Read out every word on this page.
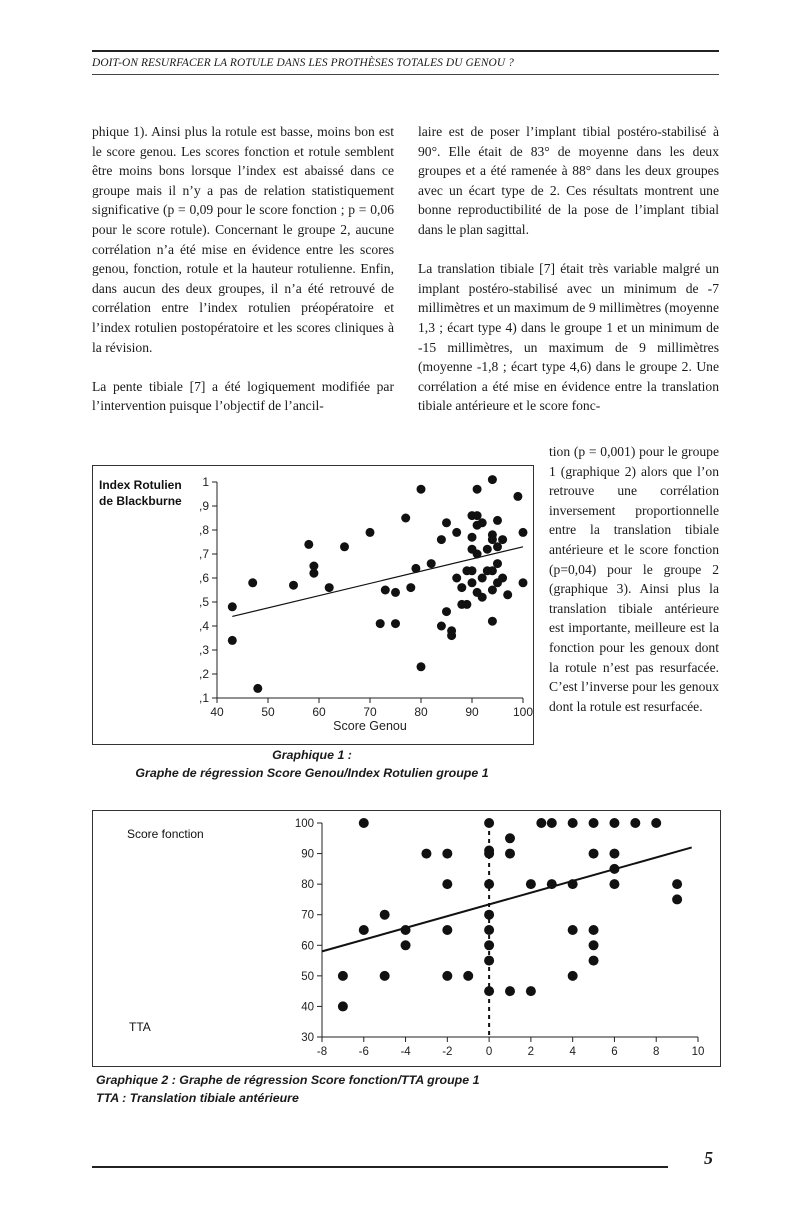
DOIT-ON RESURFACER LA ROTULE DANS LES PROTHÈSES TOTALES DU GENOU ?

phique 1). Ainsi plus la rotule est basse, moins bon est le score genou. Les scores fonction et rotule semblent être moins bons lorsque l’index est abaissé dans ce groupe mais il n’y a pas de relation statistiquement significative (p = 0,09 pour le score fonction ; p = 0,06 pour le score rotule). Concernant le groupe 2, aucune corrélation n’a été mise en évidence entre les scores genou, fonction, rotule et la hauteur rotulienne. Enfin, dans aucun des deux groupes, il n’a été retrouvé de corrélation entre l’index rotulien préopératoire et l’index rotulien postopératoire et les scores cliniques à la révision.

La pente tibiale [7] a été logiquement modifiée par l’intervention puisque l’objectif de l’ancil-

laire est de poser l’implant tibial postéro-stabilisé à 90°. Elle était de 83° de moyenne dans les deux groupes et a été ramenée à 88° dans les deux groupes avec un écart type de 2. Ces résultats montrent une bonne reproductibilité de la pose de l’implant tibial dans le plan sagittal.

La translation tibiale [7] était très variable malgré un implant postéro-stabilisé avec un minimum de -7 millimètres et un maximum de 9 millimètres (moyenne 1,3 ; écart type 4) dans le groupe 1 et un minimum de -15 millimètres, un maximum de 9 millimètres (moyenne -1,8 ; écart type 4,6) dans le groupe 2. Une corrélation a été mise en évidence entre la translation tibiale antérieure et le score fonc-

tion (p = 0,001) pour le groupe 1 (graphique 2) alors que l’on retrouve une corrélation inversement proportionnelle entre la translation tibiale antérieure et le score fonction (p=0,04) pour le groupe 2 (graphique 3). Ainsi plus la translation tibiale antérieure est importante, meilleure est la fonction pour les genoux dont la rotule n’est pas resurfacée. C’est l’inverse pour les genoux dont la rotule est resurfacée.

,1
,2
,3
,4
,5
,6
,7
,8
,9
1
40	50	60	70	80	90	100
Index Rotulien
de Blackburne
Score Genou
Graphique 1 :
Graphe de régression Score Genou/Index Rotulien groupe 1
30
40
50
60
70
80
90
100
-8	-6	-4	-2	0	2	4	6	8	10
Score fonction
TTA
Graphique 2 : Graphe de régression Score fonction/TTA groupe 1
TTA : Translation tibiale antérieure
5
